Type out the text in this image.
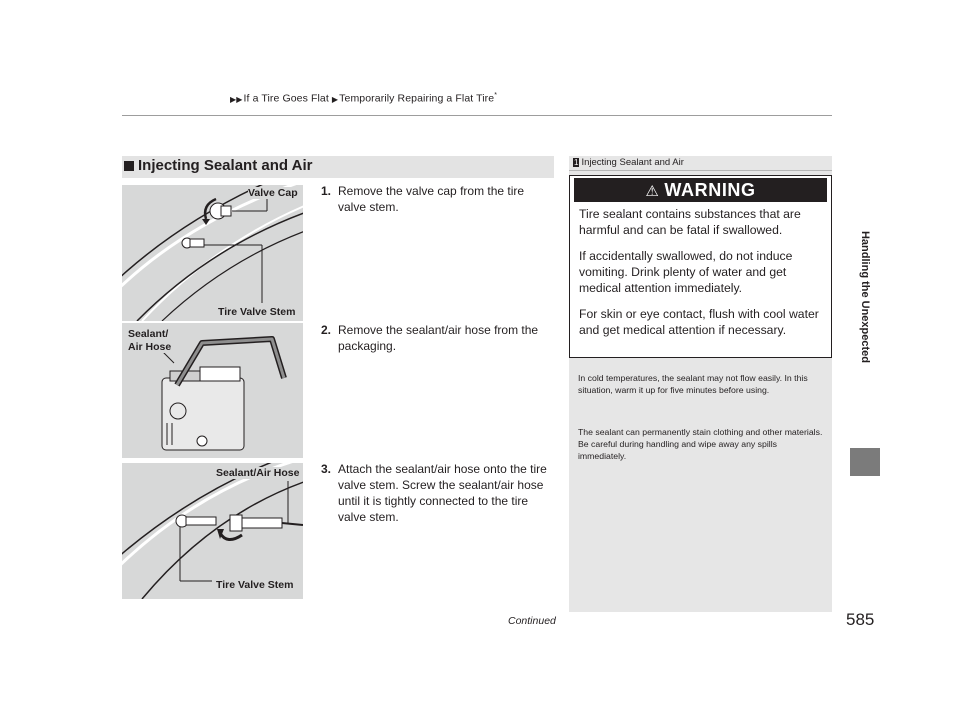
▶▶If a Tire Goes Flat ▶Temporarily Repairing a Flat Tire*
Handling the Unexpected
Injecting Sealant and Air
Valve Cap
Tire Valve Stem
Sealant/
Air Hose
Sealant/Air Hose
Tire Valve Stem
1. Remove the valve cap from the tire valve stem.
2. Remove the sealant/air hose from the packaging.
3. Attach the sealant/air hose onto the tire valve stem. Screw the sealant/air hose until it is tightly connected to the tire valve stem.
1 Injecting Sealant and Air
⚠ WARNING
Tire sealant contains substances that are harmful and can be fatal if swallowed.
If accidentally swallowed, do not induce vomiting. Drink plenty of water and get medical attention immediately.
For skin or eye contact, flush with cool water and get medical attention if necessary.
In cold temperatures, the sealant may not flow easily. In this situation, warm it up for five minutes before using.
The sealant can permanently stain clothing and other materials. Be careful during handling and wipe away any spills immediately.
Continued	585
